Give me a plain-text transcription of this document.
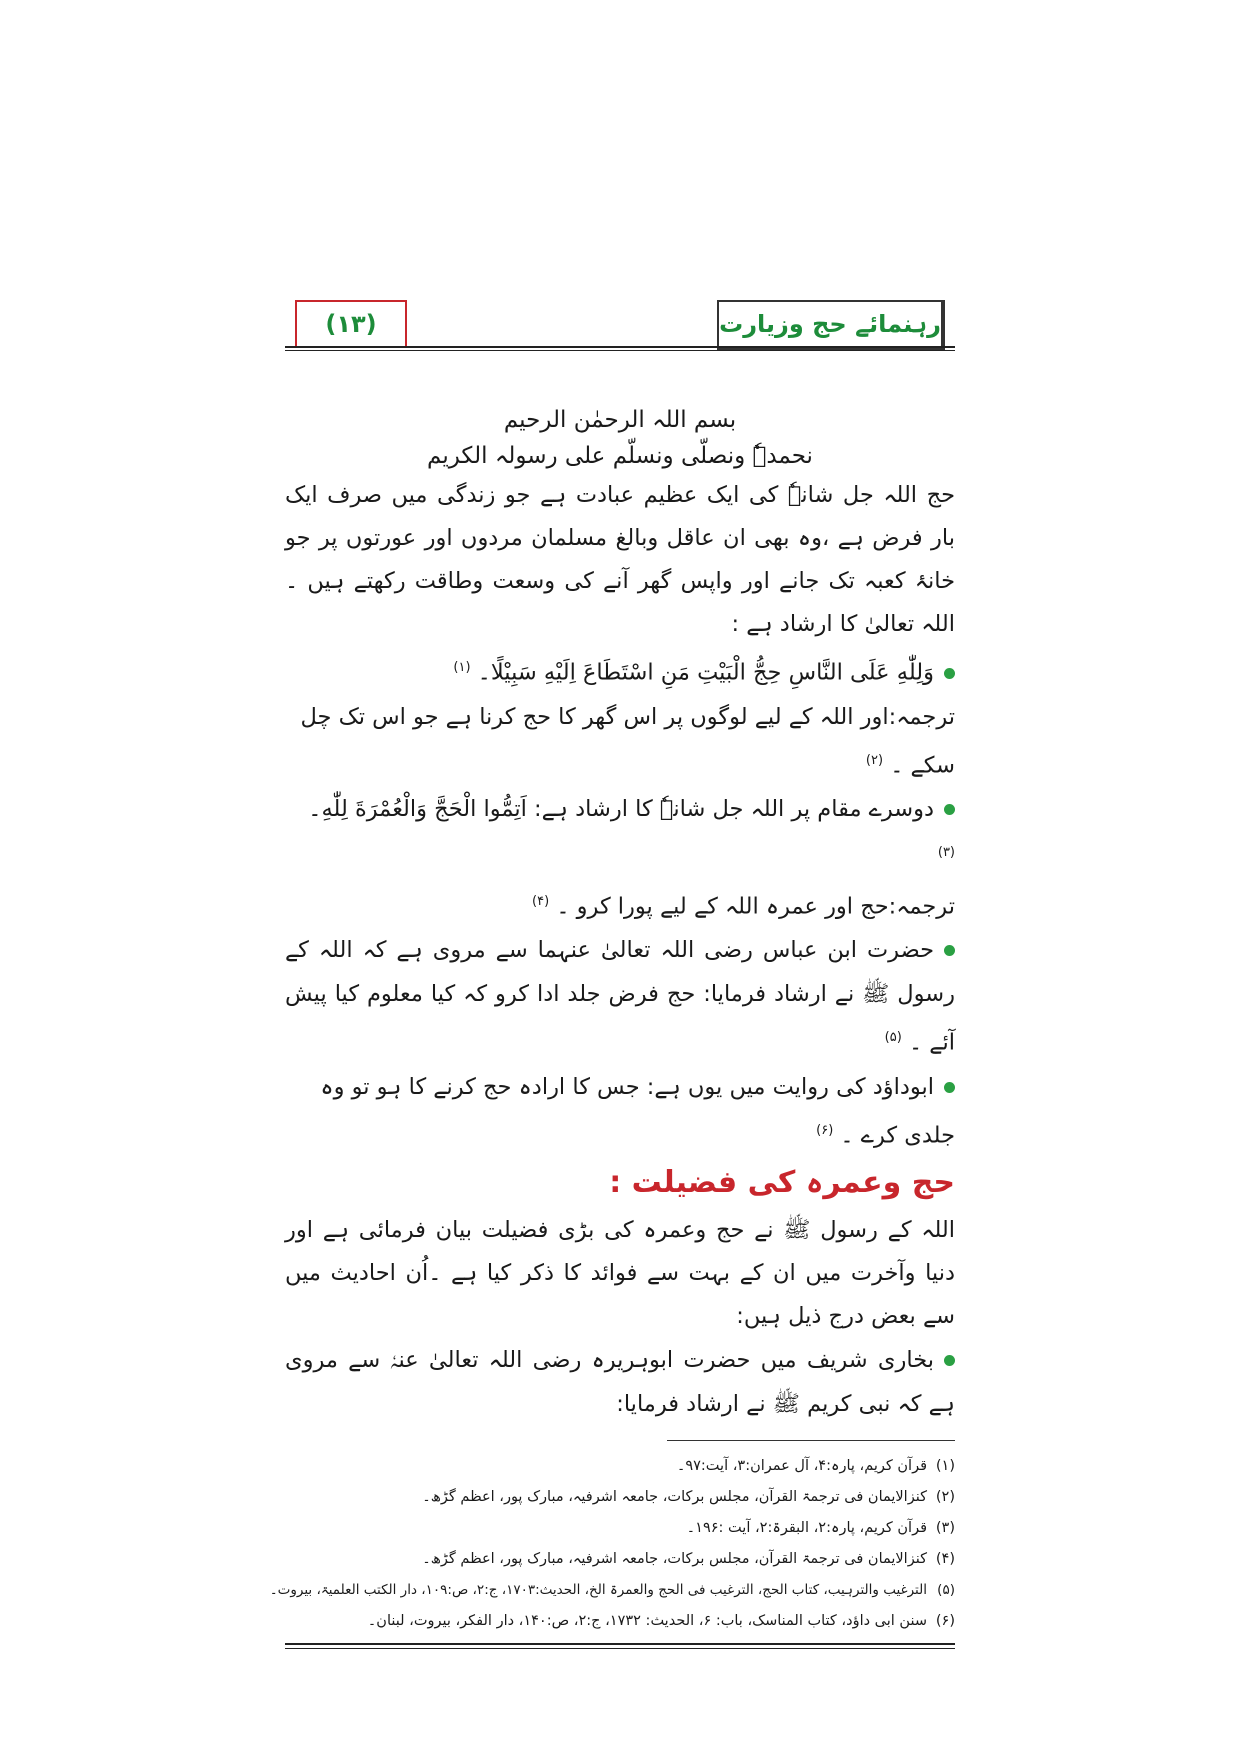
(۱۳)	رہنمائے حج وزیارت

بسم اللہ الرحمٰن الرحیم

نحمدہٗ ونصلّی ونسلّم علی رسولہ الکریم

حج اللہ جل شانہٗ کی ایک عظیم عبادت ہے جو زندگی میں صرف ایک بار فرض ہے ،وہ بھی ان عاقل وبالغ مسلمان مردوں اور عورتوں پر جو خانۂ کعبہ تک جانے اور واپس گھر آنے کی وسعت وطاقت رکھتے ہیں ۔اللہ تعالیٰ کا ارشاد ہے :

وَلِلّٰهِ عَلَى النَّاسِ حِجُّ الْبَيْتِ مَنِ اسْتَطَاعَ اِلَيْهِ سَبِيْلًا۔ $^{(۱)}$

ترجمہ:اور اللہ کے لیے لوگوں پر اس گھر کا حج کرنا ہے جو اس تک چل سکے ۔ $^{(۲)}$

دوسرے مقام پر اللہ جل شانہٗ کا ارشاد ہے: اَتِمُّوا الْحَجَّ وَالْعُمْرَةَ لِلّٰهِ۔ $^{(۳)}$

ترجمہ:حج اور عمرہ اللہ کے لیے پورا کرو ۔ $^{(۴)}$

حضرت ابن عباس رضی اللہ تعالیٰ عنہما سے مروی ہے کہ اللہ کے رسول ﷺ نے ارشاد فرمایا: حج فرض جلد ادا کرو کہ کیا معلوم کیا پیش آئے ۔ $^{(۵)}$

ابوداؤد کی روایت میں یوں ہے: جس کا ارادہ حج کرنے کا ہو تو وہ جلدی کرے ۔ $^{(۶)}$

حج وعمرہ کی فضیلت :

اللہ کے رسول ﷺ نے حج وعمرہ کی بڑی فضیلت بیان فرمائی ہے اور دنیا وآخرت میں ان کے بہت سے فوائد کا ذکر کیا ہے ۔اُن احادیث میں سے بعض درج ذیل ہیں:

بخاری شریف میں حضرت ابوہریرہ رضی اللہ تعالیٰ عنہٗ سے مروی ہے کہ نبی کریم ﷺ نے ارشاد فرمایا:

(۱)قرآن کریم، پارہ:۴، آل عمران:۳، آیت:۹۷۔

(۲)کنزالایمان فی ترجمۃ القرآن، مجلس برکات، جامعہ اشرفیہ، مبارک پور، اعظم گڑھ۔

(۳)قرآن کریم، پارہ:۲، البقرۃ:۲، آیت :۱۹۶۔

(۴)کنزالایمان فی ترجمۃ القرآن، مجلس برکات، جامعہ اشرفیہ، مبارک پور، اعظم گڑھ۔

(۵)الترغیب والترہیب، کتاب الحج، الترغیب فی الحج والعمرۃ الخ، الحدیث:۱۷۰۳، ج:۲، ص:۱۰۹، دار الکتب العلمیۃ، بیروت۔

(۶)سنن ابی داؤد، کتاب المناسک، باب: ۶، الحدیث: ۱۷۳۲، ج:۲، ص:۱۴۰، دار الفکر، بیروت، لبنان۔
